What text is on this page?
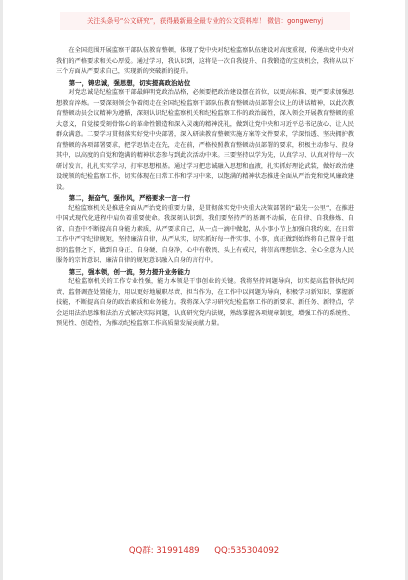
关注头条号“公文研究”，获得最新最全最专业的公文资料库！ 微信：gongwenyj

在全国范围开展监察干部队伍教育整顿，体现了党中央对纪检监察队伍建设对高度重视，传递出党中央对我们的严格要求和关心厚爱。通过学习，我认识到，这将是一次自我提升、自我锻造的宝贵机会，我将从以下三个方面从严要求自己，实现新的突破新的提升。

第一，铸忠诚，强思想，切实提高政治站位

对党忠诚是纪检监察干部最鲜明党政治品格，必须要把政治建设摆在首位，以更高标准、更严要求加强思想教育淬炼。一要深刻领会争着阅走在全国纪检监察干部队伍教育整顿动员部署会议上的讲话精神，以此次教育整顿动员会议精神为遵循，深刻认识纪检监察机关和纪检监察工作的政治属性，深入领会开展教育整顿的重大意义，自觉接受刻骨铭心的革命性锻造和深入灵魂的精神洗礼，做到让党中央和习近平总书记放心、让人民群众满意。二要学习贯彻落实好党中央部署，深入研读教育整顿实施方案等文件要求，学深悟透、坚决拥护教育整顿的各项部署要求，把学思悟走在先，走在前，严格按照教育整顿动员部署的要求，积极主动参与、投身其中，以高度的自觉和饱满的精神状态参与到此次活动中来。三要坚持以学为先，认真学习、认真对待每一次研讨发言，扎扎实实学习，打牢思想根基。通过学习把忠诚融入思想和血液，扎实抓好理论武装，做好政治建设统领的纪检监察工作，切实体现在日常工作和学习中来，以饱满的精神状态推进全面从严治党和党风廉政建设。

第二，振奋气，强作风，严格要求一言一行

纪检监察机关是推进全面从严治党的重要力量，是贯彻落实党中央重大决策部署的“最先一公里”，在推进中国式现代化进程中肩负着重要使命。我深刻认识到，我们要坚持严的基调不动摇，在自律、自我修炼、自省、自查中不断提高自身能力素质，从严要求自己，从一点一滴中做起，从小事小节上加强自我约束，在日常工作中严守纪律规矩，坚持廉洁自律，从严从实，切实抓好每一件实事、小事，真正做到始终将自己置身于组织的监督之下，做到自身正、自身硬、自身净，心中有敬畏、头上有戒尺，将崇高理想信念、全心全意为人民服务的宗旨意识、廉洁自律的规矩意识融入自身的言行中。

第三，强本领，创一流，努力提升业务能力

纪检监察机关的工作专业性强，能力本领是干事创业的关键。我将坚持问题导向，切实提高监督执纪问责、监督调查处置能力，用以更好地履职尽责、担当作为，在工作中以问题为导向，积极学习新知识、掌握新技能，不断提高自身的政治素质和业务能力。我将深入学习研究纪检监察工作的新要求、新任务、新特点，学会运用法治思维和法治方式解决实际问题，认真研究党内法规，熟练掌握各项规章制度，增强工作的系统性、预见性、创造性，为推动纪检监察工作高质量发展贡献力量。

QQ群: 31991489 QQ:535304092
